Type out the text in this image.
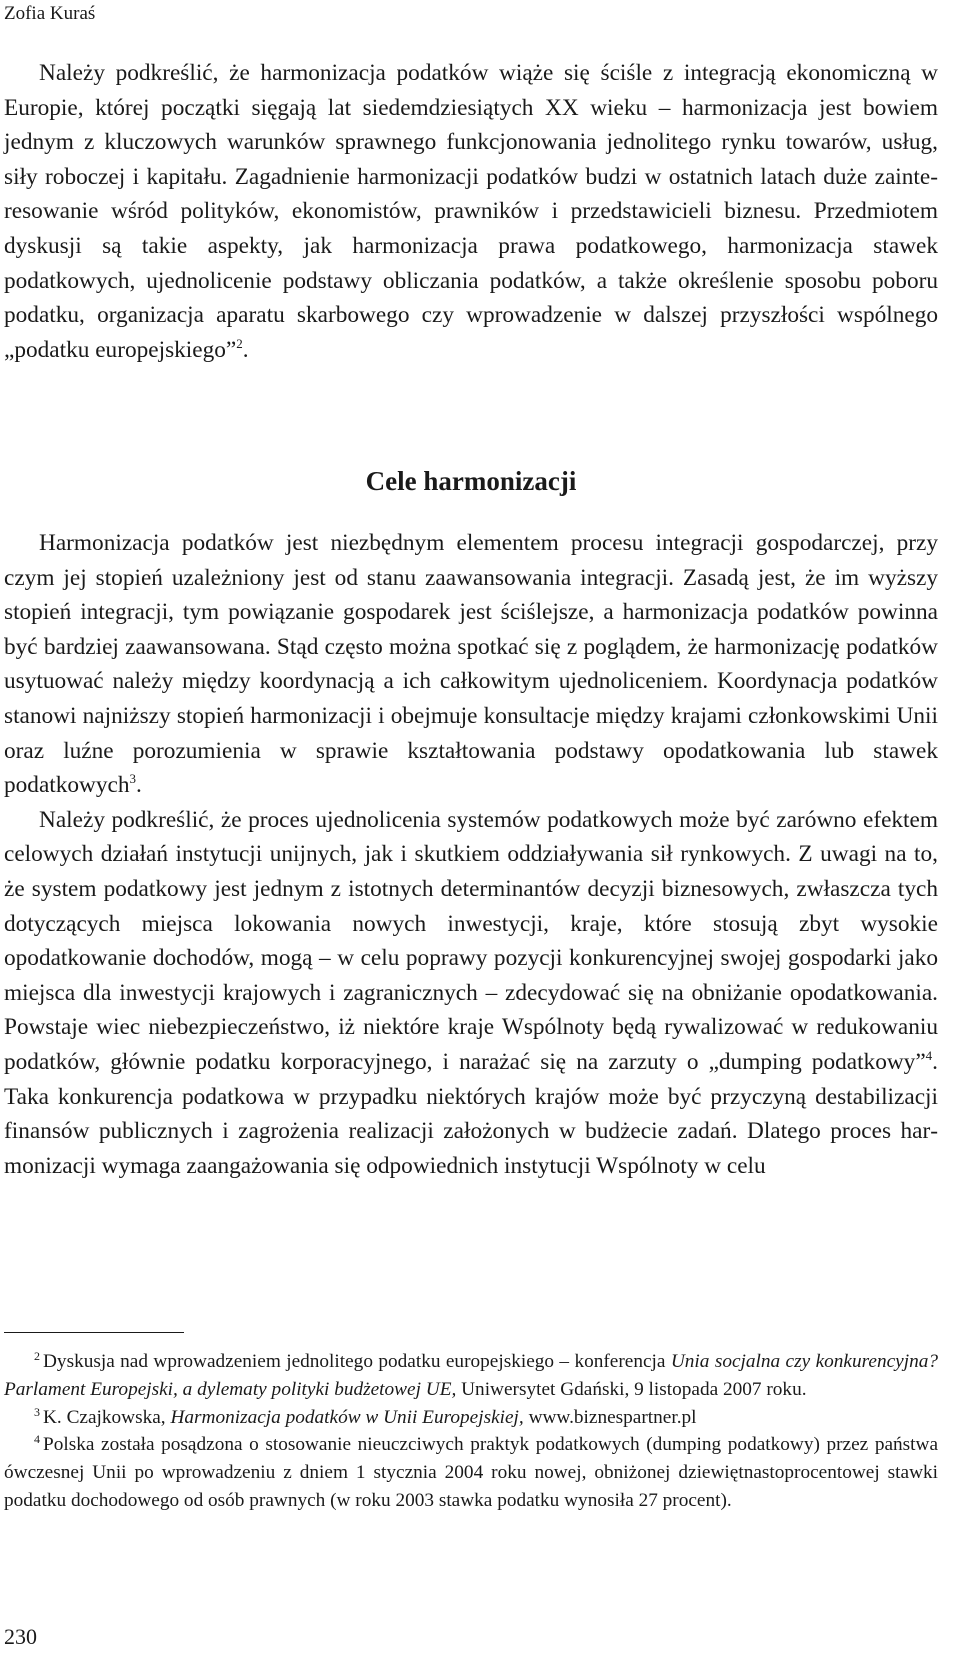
Zofia Kuraś

Należy podkreślić, że harmonizacja podatków wiąże się ściśle z integracją ekonomiczną w Europie, której początki sięgają lat siedemdziesiątych XX wieku – harmonizacja jest bowiem jednym z kluczowych warunków sprawnego funkcjonowania jednolitego rynku towarów, usług, siły roboczej i kapitału. Zagadnienie harmonizacji podatków budzi w ostatnich latach duże zainteresowanie wśród polityków, ekonomistów, prawników i przedstawicieli biznesu. Przedmiotem dyskusji są takie aspekty, jak harmonizacja prawa podatkowego, harmonizacja stawek podatkowych, ujednolicenie podstawy obliczania podatków, a także określenie sposobu poboru podatku, organizacja aparatu skarbowego czy wprowadzenie w dalszej przyszłości wspólnego „podatku europejskiego”$^2$.

Cele harmonizacji

Harmonizacja podatków jest niezbędnym elementem procesu integracji gospodarczej, przy czym jej stopień uzależniony jest od stanu zaawansowania integracji. Zasadą jest, że im wyższy stopień integracji, tym powiązanie gospodarek jest ściślejsze, a harmonizacja podatków powinna być bardziej zaawansowana. Stąd często można spotkać się z poglądem, że harmonizację podatków usytuować należy między koordynacją a ich całkowitym ujednoliceniem. Koordynacja podatków stanowi najniższy stopień harmonizacji i obejmuje konsultacje między krajami członkowskimi Unii oraz luźne porozumienia w sprawie kształtowania podstawy opodatkowania lub stawek podatkowych$^3$.

Należy podkreślić, że proces ujednolicenia systemów podatkowych może być zarówno efektem celowych działań instytucji unijnych, jak i skutkiem oddziaływania sił rynkowych. Z uwagi na to, że system podatkowy jest jednym z istotnych determinantów decyzji biznesowych, zwłaszcza tych dotyczących miejsca lokowania nowych inwestycji, kraje, które stosują zbyt wysokie opodatkowanie dochodów, mogą – w celu poprawy pozycji konkurencyjnej swojej gospodarki jako miejsca dla inwestycji krajowych i zagranicznych – zdecydować się na obniżanie opodatkowania. Powstaje wiec niebezpieczeństwo, iż niektóre kraje Wspólnoty będą rywalizować w redukowaniu podatków, głównie podatku korporacyjnego, i narażać się na zarzuty o „dumping podatkowy”$^4$. Taka konkurencja podatkowa w przypadku niektórych krajów może być przyczyną destabilizacji finansów publicznych i zagrożenia realizacji założonych w budżecie zadań. Dlatego proces harmonizacji wymaga zaangażowania się odpowiednich instytucji Wspólnoty w celu

$^2$ Dyskusja nad wprowadzeniem jednolitego podatku europejskiego – konferencja Unia socjalna czy konkurencyjna? Parlament Europejski, a dylematy polityki budżetowej UE, Uniwersytet Gdański, 9 listopada 2007 roku.

$^3$ K. Czajkowska, Harmonizacja podatków w Unii Europejskiej, www.biznespartner.pl

$^4$ Polska została posądzona o stosowanie nieuczciwych praktyk podatkowych (dumping podatkowy) przez państwa ówczesnej Unii po wprowadzeniu z dniem 1 stycznia 2004 roku nowej, obniżonej dziewiętnastoprocentowej stawki podatku dochodowego od osób prawnych (w roku 2003 stawka podatku wynosiła 27 procent).

230
